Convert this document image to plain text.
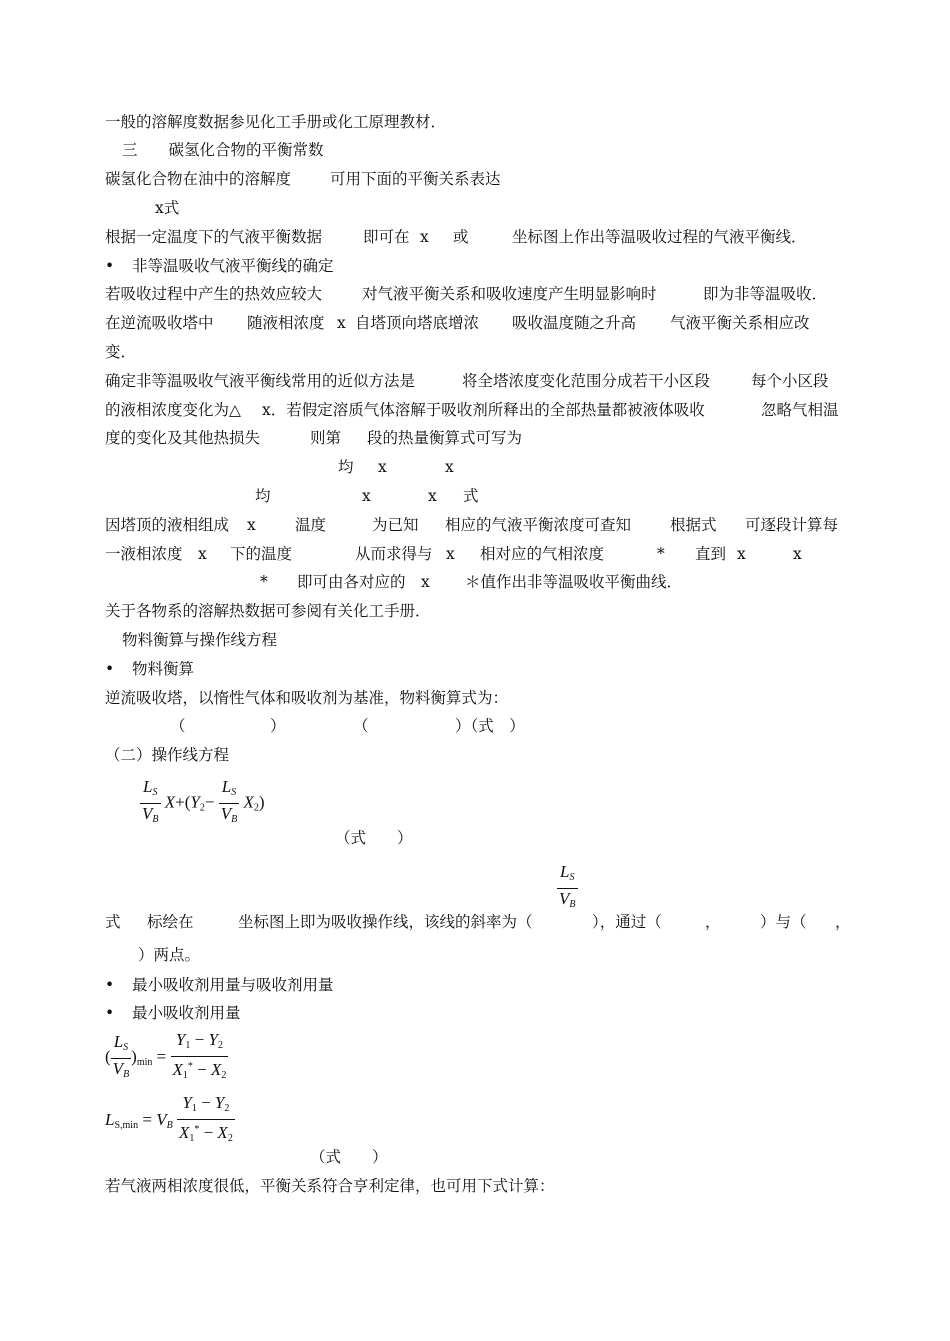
一般的溶解度数据参见化工手册或化工原理教材．
三　　碳氢化合物的平衡常数
碳氢化合物在油中的溶解度	可用下面的平衡关系表达
x式
根据一定温度下的气液平衡数据	即可在 x 或	坐标图上作出等温吸收过程的气液平衡线．
• 非等温吸收气液平衡线的确定
若吸收过程中产生的热效应较大	对气液平衡关系和吸收速度产生明显影响时	即为非等温吸收．
在逆流吸收塔中 随液相浓度 x 自塔顶向塔底增浓 吸收温度随之升高 气液平衡关系相应改
变．
确定非等温吸收气液平衡线常用的近似方法是	将全塔浓度变化范围分成若干小区段	每个小区段
的液相浓度变化为△ x．若假定溶质气体溶解于吸收剂所释出的全部热量都被液体吸收	忽略气相温
度的变化及其他热损失	则第 段的热量衡算式可写为
均 x	x
均	x	x 式
因塔顶的液相组成 x	温度	为已知 相应的气液平衡浓度可查知	根据式 可逐段计算每
一液相浓度 x 下的温度	从而求得与 x 相对应的气相浓度	* 直到 x	x
* 即可由各对应的 x ＊值作出非等温吸收平衡曲线．
关于各物系的溶解热数据可参阅有关化工手册．
物料衡算与操作线方程
• 物料衡算
逆流吸收塔，以惰性气体和吸收剂为基准，物料衡算式为：
（	）	（	）（式　）
（二）操作线方程
$\frac{L_S}{V_B} X+(Y_2- \frac{L_S}{V_B} X_2)$
（式　　）
$\frac{L_S}{V_B}$
式 标绘在	坐标图上即为吸收操作线，该线的斜率为（	），通过（	，	）与（ ，
）两点。
• 最小吸收剂用量与吸收剂用量
• 最小吸收剂用量
( $\frac{L_S}{V_B} )_{min} = \frac{Y_1 - Y_2}{X_1^* - X_2}$
$L_{S,min} = V_B \frac{Y_1 - Y_2}{X_1^* - X_2}$
（式　　）
若气液两相浓度很低，平衡关系符合亨利定律，也可用下式计算：
